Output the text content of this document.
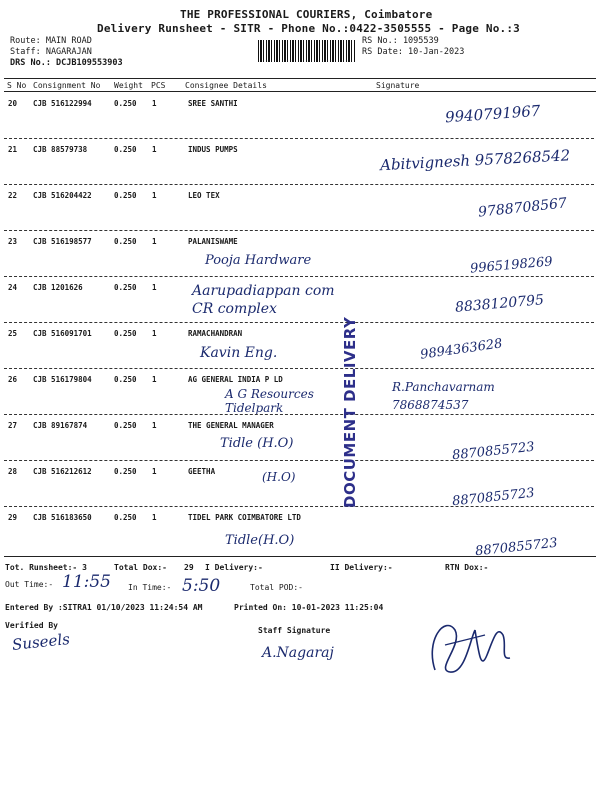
THE PROFESSIONAL COURIERS, Coimbatore
Delivery Runsheet - SITR - Phone No.:0422-3505555 - Page No.:3
Route: MAIN ROAD
Staff: NAGARAJAN
DRS No.: DCJB109553903
RS No.: 1095539
RS Date: 10-Jan-2023
S No Consignment No Weight PCS Consignee Details	Signature
20 CJB 516122994	0.250 1	SREE SANTHI	9940791967
21 CJB 88579738	0.250 1	INDUS PUMPS	Abitvignesh 9578268542
22 CJB 516204422	0.250 1	LEO TEX	9788708567
23 CJB 516198577	0.250 1	PALANISWAME
Pooja Hardware	9965198269
24 CJB 1201626	0.250 1	Aarupadiappan com CR complex	8838120795
25 CJB 516091701	0.250 1	RAMACHANDRAN
Kavin Eng.	9894363628
26 CJB 516179804	0.250 1	AG GENERAL INDIA P LD
A G Resources Tidelpark
R.Panchavarnam 7868874537
27 CJB 89167874	0.250 1	THE GENERAL MANAGER
Tidle (H.O)	8870855723
28 CJB 516212612	0.250 1	GEETHA	(H.O)
8870855723
29 CJB 516183650	0.250 1	TIDEL PARK COIMBATORE LTD
Tidle(H.O)	8870855723
DOCUMENT DELIVERY
Tot. Runsheet:- 3	Total Dox:- 29 I Delivery:-	II Delivery:-	RTN Dox:-
Out Time:- 11:55 In Time:- 5:50	Total POD:-
Entered By :SITRA1 01/10/2023 11:24:54 AM	Printed On: 10-01-2023 11:25:04
Verified By
Suseels	Staff Signature
A.Nagaraj
